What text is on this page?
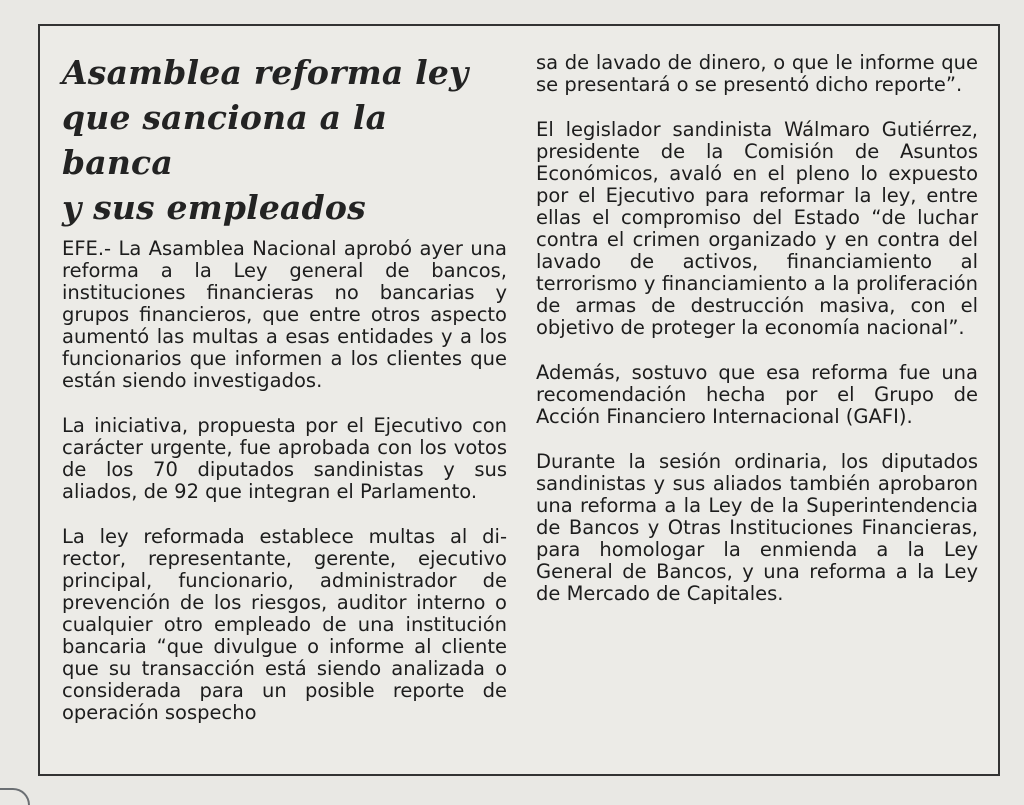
Asamblea reforma ley
que sanciona a la banca
y sus empleados

EFE.- La Asamblea Nacional aprobó ayer una reforma a la Ley general de bancos, instituciones financieras no bancarias y grupos financieros, que entre otros aspecto aumentó las multas a esas entidades y a los funcionarios que informen a los clientes que están siendo investigados.

La iniciativa, propuesta por el Ejecutivo con carácter urgente, fue aprobada con los votos de los 70 diputados sandinistas y sus aliados, de 92 que integran el Parlamento.

La ley reformada establece multas al director, representante, gerente, ejecutivo principal, funcionario, administrador de prevención de los riesgos, auditor interno o cualquier otro empleado de una institución bancaria “que divulgue o informe al cliente que su transacción está siendo analizada o considerada para un posible reporte de operación sospecho

sa de lavado de dinero, o que le informe que se presentará o se presentó dicho reporte”.

El legislador sandinista Wálmaro Gutiérrez, presidente de la Comisión de Asuntos Económicos, avaló en el pleno lo expuesto por el Ejecutivo para reformar la ley, entre ellas el compromiso del Estado “de luchar contra el crimen organizado y en contra del lavado de activos, financiamiento al terrorismo y financiamiento a la proliferación de armas de destrucción masiva, con el objetivo de proteger la economía nacional”.

Además, sostuvo que esa reforma fue una recomendación hecha por el Grupo de Acción Financiero Internacional (GAFI).

Durante la sesión ordinaria, los diputados sandinistas y sus aliados también aprobaron una reforma a la Ley de la Superintendencia de Bancos y Otras Instituciones Financieras, para homologar la enmienda a la Ley General de Bancos, y una reforma a la Ley de Mercado de Capitales.
